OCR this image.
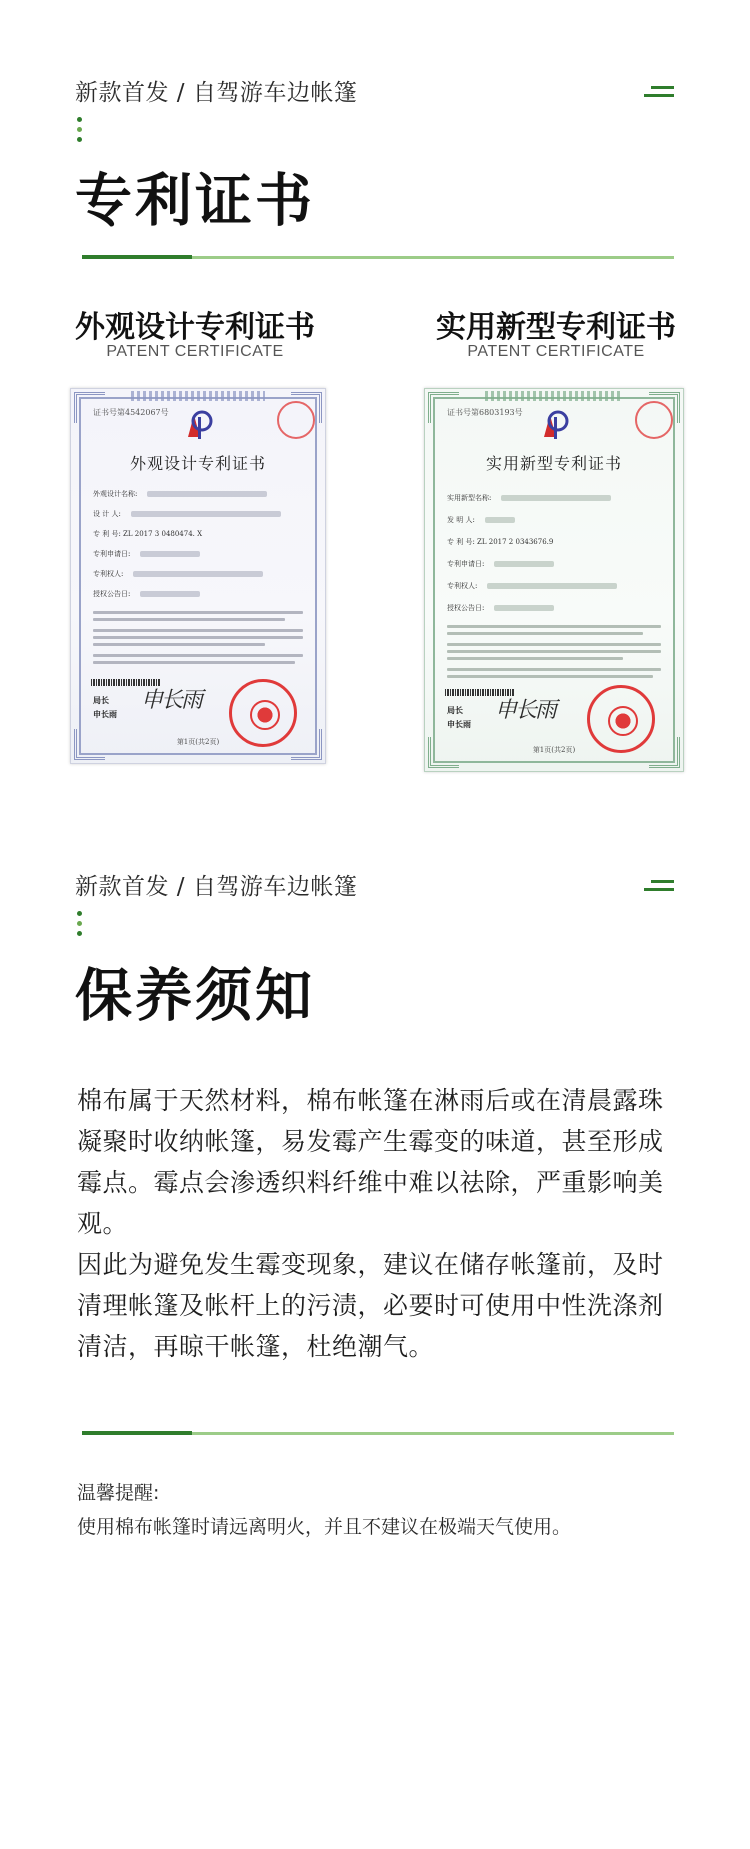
新款首发 / 自驾游车边帐篷
专利证书
外观设计专利证书
PATENT CERTIFICATE
实用新型专利证书
PATENT CERTIFICATE
证书号第4542067号
外观设计专利证书
外观设计名称:
设 计 人:
专 利 号: ZL 2017 3 0480474. X
专利申请日:
专利权人:
授权公告日:
局长
申长雨
申长雨
第1页(共2页)
证书号第6803193号
实用新型专利证书
实用新型名称:
发 明 人:
专 利 号: ZL 2017 2 0343676.9
专利申请日:
专利权人:
授权公告日:
局长
申长雨
申长雨
第1页(共2页)
新款首发 / 自驾游车边帐篷
保养须知

棉布属于天然材料，棉布帐篷在淋雨后或在清晨露珠凝聚时收纳帐篷，易发霉产生霉变的味道，甚至形成霉点。霉点会渗透织料纤维中难以祛除，严重影响美观。

因此为避免发生霉变现象，建议在储存帐篷前，及时清理帐篷及帐杆上的污渍，必要时可使用中性洗涤剂清洁，再晾干帐篷，杜绝潮气。

温馨提醒:
使用棉布帐篷时请远离明火，并且不建议在极端天气使用。
